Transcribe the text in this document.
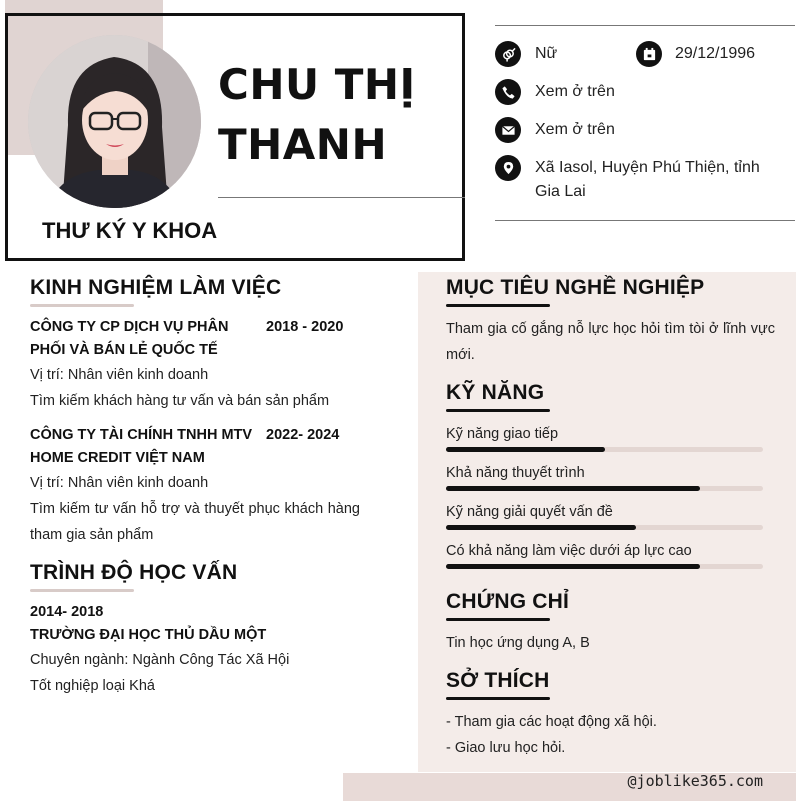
CHU THỊ
THANH
THƯ KÝ Y KHOA
Nữ	29/12/1996
Xem ở trên
Xem ở trên
Xã Iasol, Huyện Phú Thiện, tỉnh Gia Lai
KINH NGHIỆM LÀM VIỆC
CÔNG TY CP DỊCH VỤ PHÂN PHỐI VÀ BÁN LẺ QUỐC TẾ
2018 - 2020
Vị trí: Nhân viên kinh doanh
Tìm kiếm khách hàng tư vấn và bán sản phẩm
CÔNG TY TÀI CHÍNH TNHH MTV HOME CREDIT VIỆT NAM
2022- 2024
Vị trí: Nhân viên kinh doanh
Tìm kiếm tư vấn hỗ trợ và thuyết phục khách hàng tham gia sản phẩm
TRÌNH ĐỘ HỌC VẤN
2014- 2018
TRƯỜNG ĐẠI HỌC THỦ DẦU MỘT
Chuyên ngành: Ngành Công Tác Xã Hội
Tốt nghiệp loại Khá
MỤC TIÊU NGHỀ NGHIỆP
Tham gia cố gắng nỗ lực học hỏi tìm tòi ở lĩnh vực mới.
KỸ NĂNG
Kỹ năng giao tiếp
Khả năng thuyết trình
Kỹ năng giải quyết vấn đề
Có khả năng làm việc dưới áp lực cao
CHỨNG CHỈ
Tin học ứng dụng A, B
SỞ THÍCH
- Tham gia các hoạt động xã hội.
- Giao lưu học hỏi.
@joblike365.com
